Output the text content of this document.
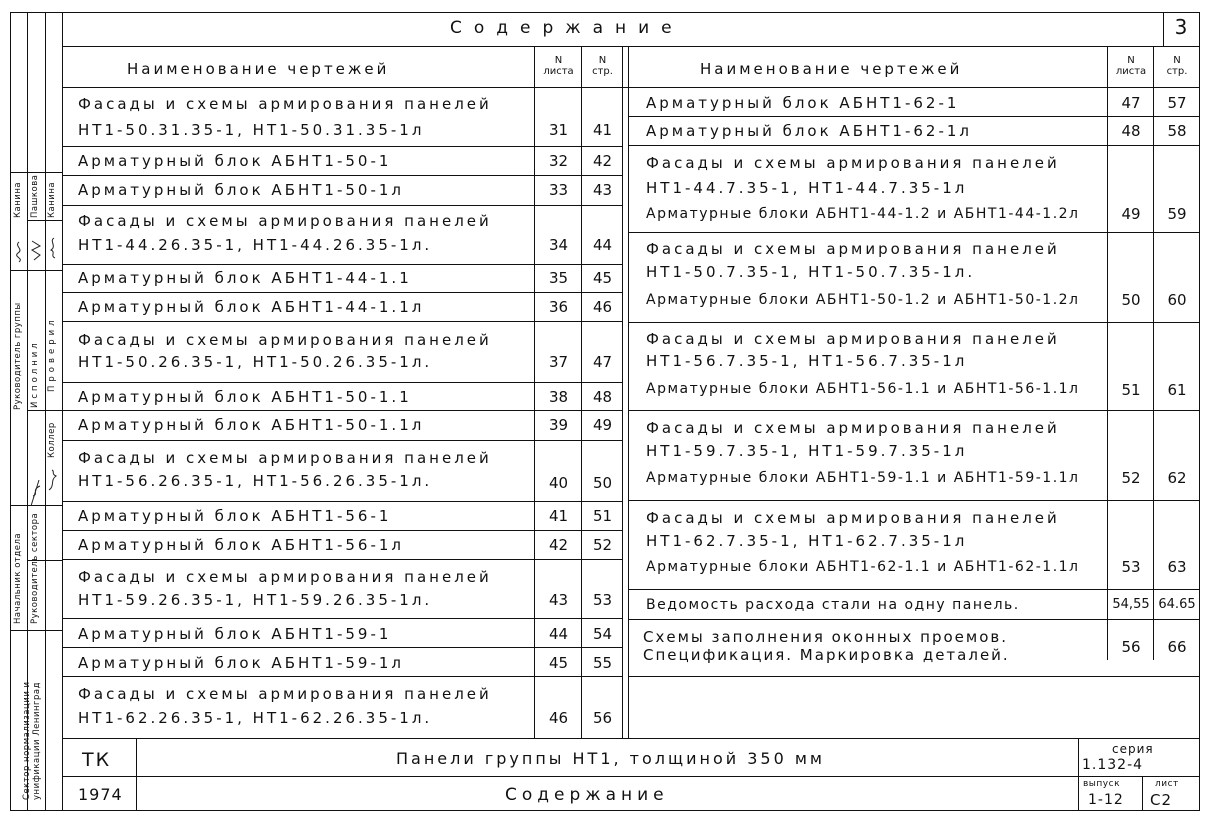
Содержание	3
Наименование чертежей	N
листа
N
стр.	Наименование чертежей	N
листа
N
стр.
Фасады и схемы армирования панелей
НТ1-50.31.35-1, НТ1-50.31.35-1л	31	41
Арматурный блок АБНТ1-50-1	32	42
Арматурный блок АБНТ1-50-1л	33	43
Фасады и схемы армирования панелей
НТ1-44.26.35-1, НТ1-44.26.35-1л.	34	44
Арматурный блок АБНТ1-44-1.1	35	45
Арматурный блок АБНТ1-44-1.1л	36	46
Фасады и схемы армирования панелей
НТ1-50.26.35-1, НТ1-50.26.35-1л.	37	47
Арматурный блок АБНТ1-50-1.1	38	48
Арматурный блок АБНТ1-50-1.1л	39	49
Фасады и схемы армирования панелей
НТ1-56.26.35-1, НТ1-56.26.35-1л.	40	50
Арматурный блок АБНТ1-56-1	41	51
Арматурный блок АБНТ1-56-1л	42	52
Фасады и схемы армирования панелей
НТ1-59.26.35-1, НТ1-59.26.35-1л.	43	53
Арматурный блок АБНТ1-59-1	44	54
Арматурный блок АБНТ1-59-1л	45	55
Фасады и схемы армирования панелей
НТ1-62.26.35-1, НТ1-62.26.35-1л.	46	56
Арматурный блок АБНТ1-62-1	47	57
Арматурный блок АБНТ1-62-1л	48	58
Фасады и схемы армирования панелей
НТ1-44.7.35-1, НТ1-44.7.35-1л
Арматурные блоки АБНТ1-44-1.2 и АБНТ1-44-1.2л	49	59
Фасады и схемы армирования панелей
НТ1-50.7.35-1, НТ1-50.7.35-1л.
Арматурные блоки АБНТ1-50-1.2 и АБНТ1-50-1.2л	50	60
Фасады и схемы армирования панелей
НТ1-56.7.35-1, НТ1-56.7.35-1л
Арматурные блоки АБНТ1-56-1.1 и АБНТ1-56-1.1л	51	61
Фасады и схемы армирования панелей
НТ1-59.7.35-1, НТ1-59.7.35-1л
Арматурные блоки АБНТ1-59-1.1 и АБНТ1-59-1.1л	52	62
Фасады и схемы армирования панелей
НТ1-62.7.35-1, НТ1-62.7.35-1л
Арматурные блоки АБНТ1-62-1.1 и АБНТ1-62-1.1л	53	63
Ведомость расхода стали на одну панель.	54,55 64.65
Схемы заполнения оконных проемов.
Спецификация. Маркировка деталей.	56	66
ТК
1974
Панели группы НТ1, толщиной 350 мм
Содержание
серия
1.132-4
выпуск
1-12
лист
С2
Руководитель группы Исполнил Проверил
Начальник отдела Руководитель сектора
Канина Пашкова Канина
Коллер
Сектор нормализации и унификации Ленинград
